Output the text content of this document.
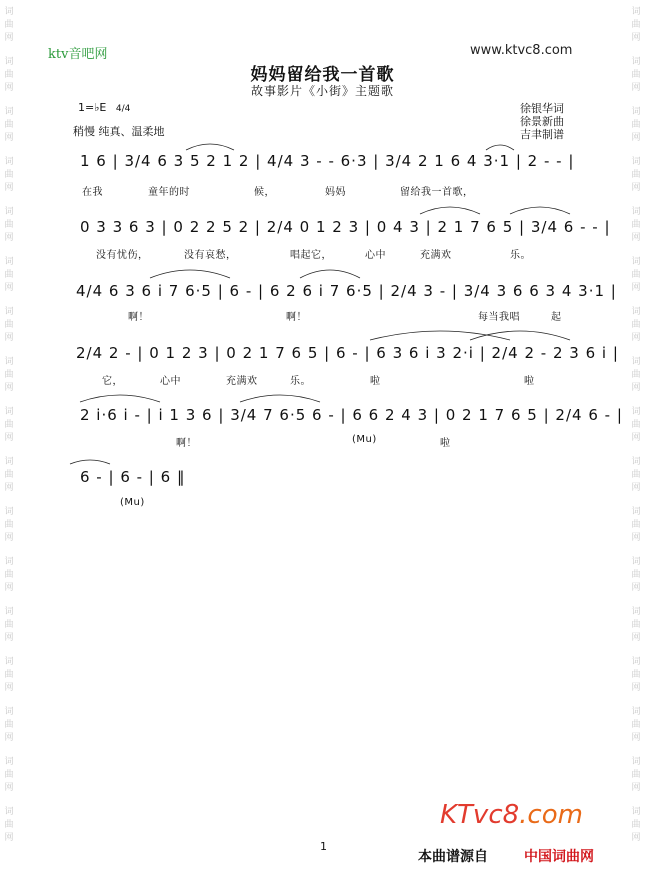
词
曲
网
词
曲
网
词
曲
网
词
曲
网
词
曲
网
词
曲
网
词
曲
网
词
曲
网
词
曲
网
词
曲
网
词
曲
网
词
曲
网
词
曲
网
词
曲
网
词
曲
网
词
曲
网
词
曲
网
词
曲
网
词
曲
网
词
曲
网
词
曲
网
词
曲
网
词
曲
网
词
曲
网
词
曲
网
词
曲
网
词
曲
网
词
曲
网
词
曲
网
词
曲
网
词
曲
网
词
曲
网
词
曲
网
词
曲
网
ktv音吧网	www.ktvc8.com
妈妈留给我一首歌
故事影片《小街》主题歌
徐银华词
徐景新曲
吉聿制谱
1=♭E 4/4
稍慢 纯真、温柔地
1 6 | 3/4 6 3 5 2 1 2 | 4/4 3 - - 6·3 | 3/4 2 1 6 4 3·1 | 2 - - |
在我	童年的时	候，	妈妈	留给我一首歌，
0 3 3 6 3 | 0 2 2 5 2 | 2/4 0 1 2 3 | 0 4 3 | 2 1 7 6 5 | 3/4 6 - - |
没有忧伤，	没有哀愁，	唱起它，	心中	充满欢	乐。
4/4 6 3 6 i 7 6·5 | 6 - | 6 2 6 i 7 6·5 | 2/4 3 - | 3/4 3 6 6 3 4 3·1 |
啊！	啊！	每当我唱	起
2/4 2 - | 0 1 2 3 | 0 2 1 7 6 5 | 6 - | 6 3 6 i 3 2·i | 2/4 2 - 2 3 6 i |
它，	心中	充满欢	乐。	啦	啦
2 i·6 i - | i 1 3 6 | 3/4 7 6·5 6 - | 6 6 2 4 3 | 0 2 1 7 6 5 | 2/4 6 - |
啊！	(Mu)	啦
6 - | 6 - | 6 ‖
(Mu)
1
KTvc8.com
本曲谱源自	中国词曲网
